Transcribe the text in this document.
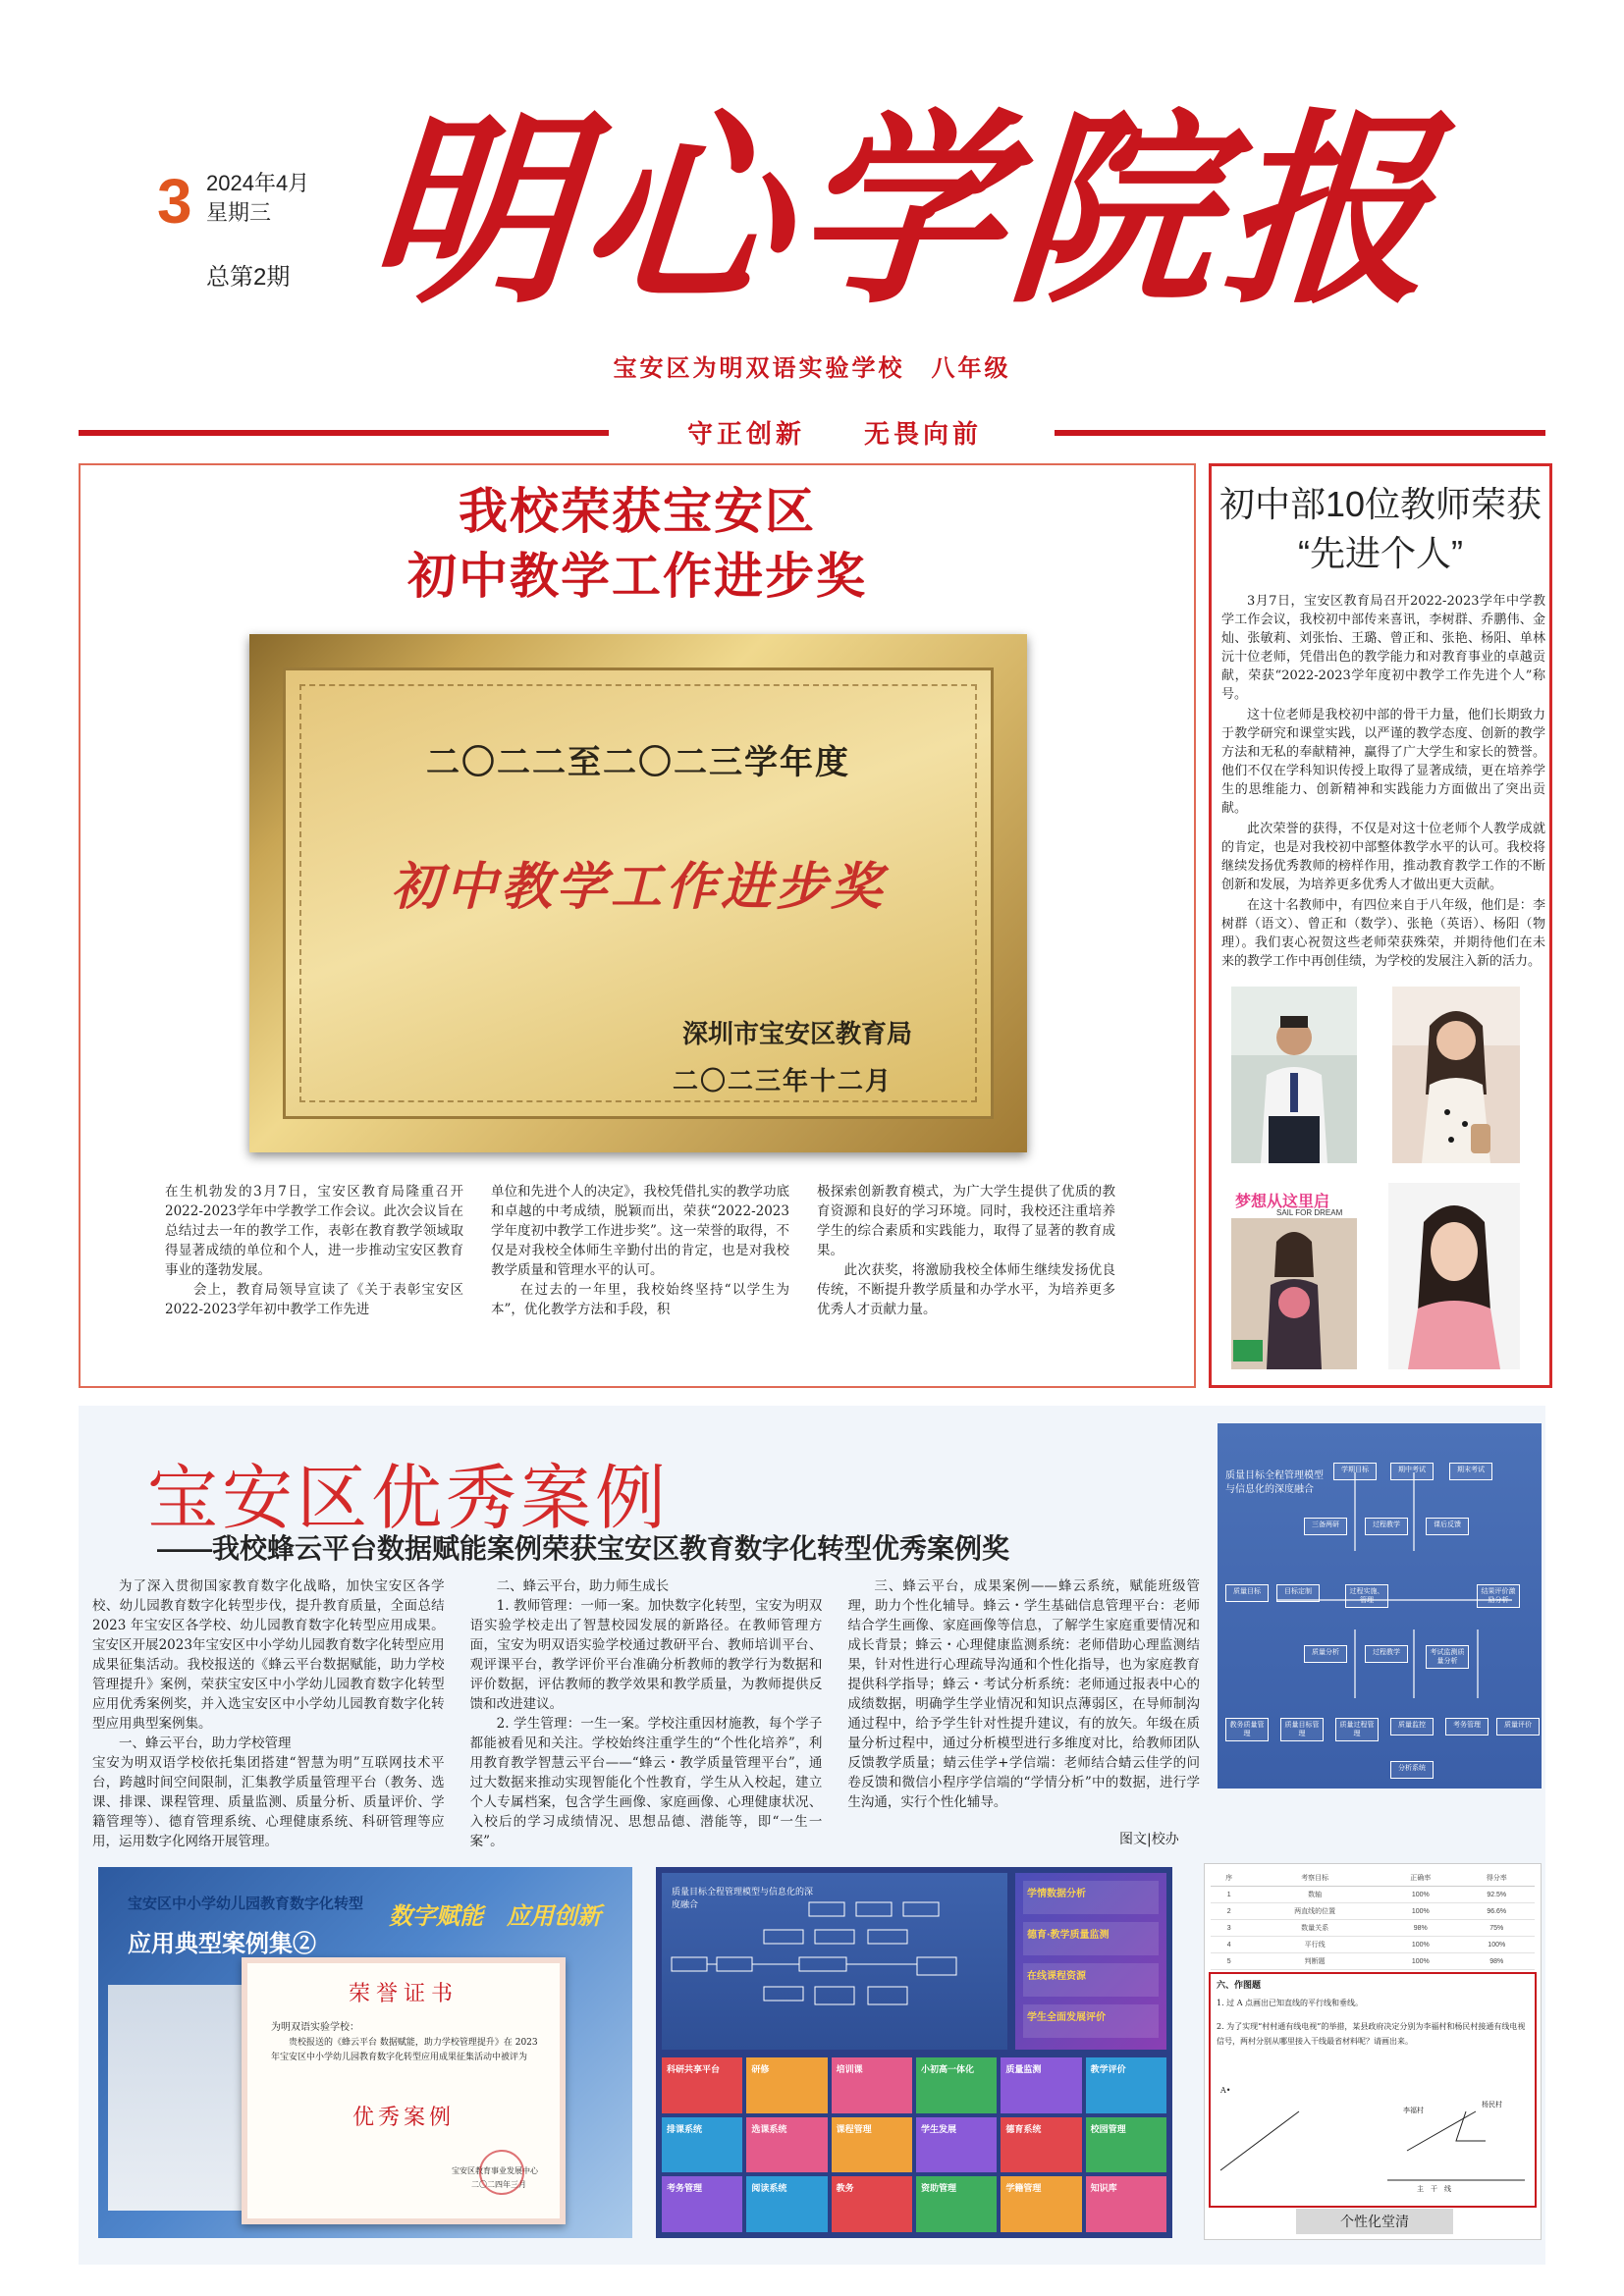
3 2024年4月
星期三
总第2期 明心学院报
宝安区为明双语实验学校　八年级
守正创新　　无畏向前
我校荣获宝安区
初中教学工作进步奖
二〇二二至二〇二三学年度
初中教学工作进步奖
深圳市宝安区教育局
二〇二三年十二月
在生机勃发的3月7日，宝安区教育局隆重召开2022-2023学年中学教学工作会议。此次会议旨在总结过去一年的教学工作，表彰在教育教学领域取得显著成绩的单位和个人，进一步推动宝安区教育事业的蓬勃发展。
　　会上，教育局领导宣读了《关于表彰宝安区2022-2023学年初中教学工作先进
单位和先进个人的决定》，我校凭借扎实的教学功底和卓越的中考成绩，脱颖而出，荣获“2022-2023学年度初中教学工作进步奖”。这一荣誉的取得，不仅是对我校全体师生辛勤付出的肯定，也是对我校教学质量和管理水平的认可。
　　在过去的一年里，我校始终坚持“以学生为本”，优化教学方法和手段，积
极探索创新教育模式，为广大学生提供了优质的教育资源和良好的学习环境。同时，我校还注重培养学生的综合素质和实践能力，取得了显著的教育成果。
　　此次获奖，将激励我校全体师生继续发扬优良传统，不断提升教学质量和办学水平，为培养更多优秀人才贡献力量。
初中部10位教师荣获
“先进个人”

3月7日，宝安区教育局召开2022-2023学年中学教学工作会议，我校初中部传来喜讯，李树群、乔鹏伟、金灿、张敏莉、刘张怡、王璐、曾正和、张艳、杨阳、单林沅十位老师，凭借出色的教学能力和对教育事业的卓越贡献，荣获“2022-2023学年度初中教学工作先进个人”称号。

这十位老师是我校初中部的骨干力量，他们长期致力于教学研究和课堂实践，以严谨的教学态度、创新的教学方法和无私的奉献精神，赢得了广大学生和家长的赞誉。他们不仅在学科知识传授上取得了显著成绩，更在培养学生的思维能力、创新精神和实践能力方面做出了突出贡献。

此次荣誉的获得，不仅是对这十位老师个人教学成就的肯定，也是对我校初中部整体教学水平的认可。我校将继续发扬优秀教师的榜样作用，推动教育教学工作的不断创新和发展，为培养更多优秀人才做出更大贡献。

在这十名教师中，有四位来自于八年级，他们是：李树群（语文）、曾正和（数学）、张艳（英语）、杨阳（物理）。我们衷心祝贺这些老师荣获殊荣，并期待他们在未来的教学工作中再创佳绩，为学校的发展注入新的活力。

梦想从这里启
SAIL FOR DREAM
宝安区优秀案例
——我校蜂云平台数据赋能案例荣获宝安区教育数字化转型优秀案例奖

为了深入贯彻国家教育数字化战略，加快宝安区各学校、幼儿园教育数字化转型步伐，提升教育质量，全面总结 2023 年宝安区各学校、幼儿园教育数字化转型应用成果。宝安区开展2023年宝安区中小学幼儿园教育数字化转型应用成果征集活动。我校报送的《蜂云平台数据赋能，助力学校管理提升》案例，荣获宝安区中小学幼儿园教育数字化转型应用优秀案例奖，并入选宝安区中小学幼儿园教育数字化转型应用典型案例集。

一、蜂云平台，助力学校管理

宝安为明双语学校依托集团搭建“智慧为明”互联网技术平台，跨越时间空间限制，汇集教学质量管理平台（教务、选课、排课、课程管理、质量监测、质量分析、质量评价、学籍管理等）、德育管理系统、心理健康系统、科研管理等应用，运用数字化网络开展管理。

二、蜂云平台，助力师生成长

1. 教师管理：一师一案。加快数字化转型，宝安为明双语实验学校走出了智慧校园发展的新路径。在教师管理方面，宝安为明双语实验学校通过教研平台、教师培训平台、观评课平台，教学评价平台准确分析教师的教学行为数据和评价数据，评估教师的教学效果和教学质量，为教师提供反馈和改进建议。

2. 学生管理：一生一案。学校注重因材施教，每个学子都能被看见和关注。学校始终注重学生的“个性化培养”，利用教育教学智慧云平台——“蜂云・教学质量管理平台”，通过大数据来推动实现智能化个性教育，学生从入校起，建立个人专属档案，包含学生画像、家庭画像、心理健康状况、入校后的学习成绩情况、思想品德、潜能等，即“一生一案”。

三、蜂云平台，成果案例——蜂云系统，赋能班级管理，助力个性化辅导。蜂云・学生基础信息管理平台：老师结合学生画像、家庭画像等信息，了解学生家庭重要情况和成长背景；蜂云・心理健康监测系统：老师借助心理监测结果，针对性进行心理疏导沟通和个性化指导，也为家庭教育提供科学指导；蜂云・考试分析系统：老师通过报表中心的成绩数据，明确学生学业情况和知识点薄弱区，在导师制沟通过程中，给予学生针对性提升建议，有的放矢。年级在质量分析过程中，通过分析模型进行多维度对比，给教师团队反馈教学质量；蜻云佳学+学信端：老师结合蜻云佳学的问卷反馈和微信小程序学信端的“学情分析”中的数据，进行学生沟通，实行个性化辅导。

图文|校办
质量目标全程管理模型
与信息化的深度融合
学期目标	期中考试	期末考试
三备两研	过程教学	课后反馈
质量目标	目标定制	过程实施、管理
结果评价激励分析
质量分析	过程教学	考试监测质量分析
教务质量管理
质量目标管理
质量过程管理
质量监控	考务管理	质量评价
分析系统
宝安区中小学幼儿园教育数字化转型
应用典型案例集②
数字赋能　应用创新
荣誉证书
为明双语实验学校：
贵校报送的《蜂云平台 数据赋能，助力学校管理提升》在 2023 年宝安区中小学幼儿园教育数字化转型应用成果征集活动中被评为
优秀案例
宝安区教育事业发展中心
二〇二四年三月
质量目标全程管理模型与信息化的深度融合
学情数据分析
德育·教学质量监测
在线课程资源
学生全面发展评价
科研共享平台	研修	培训课	小初高一体化	质量监测	教学评价
排课系统	选课系统	课程管理	学生发展	德育系统	校园管理
考务管理	阅读系统	教务	资助管理	学籍管理	知识库
序	考察目标	正确率	得分率
1	数轴	100%	92.5%
2	两直线的位置	100%	96.6%
3	数量关系	98%	75%
4	平行线	100%	100%
5	判断题	100%	98%
六、作图题
1. 过 A 点画出已知直线的平行线和垂线。
2. 为了实现“村村通有线电视”的举措，某县政府决定分别为李福村和杨民村接通有线电视信号，两村分别从哪里接入干线最省材料呢？请画出来。
A•
李福村
杨民村
主　干　线
个性化堂清
